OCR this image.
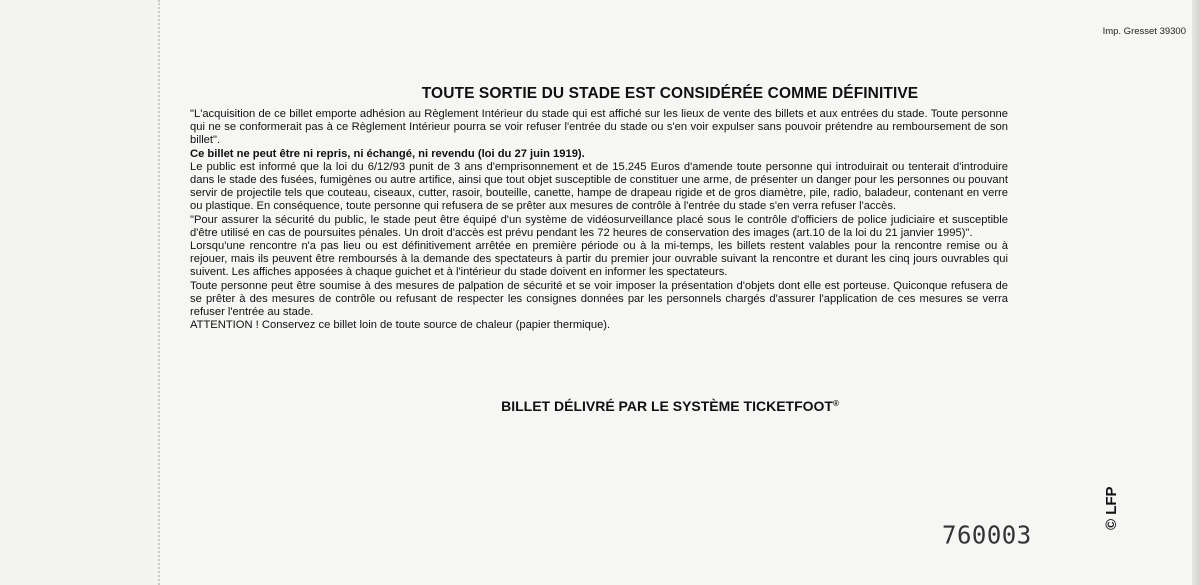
Imp. Gresset 39300
TOUTE SORTIE DU STADE EST CONSIDÉRÉE COMME DÉFINITIVE

"L'acquisition de ce billet emporte adhésion au Règlement Intérieur du stade qui est affiché sur les lieux de vente des billets et aux entrées du stade. Toute personne qui ne se conformerait pas à ce Règlement Intérieur pourra se voir refuser l'entrée du stade ou s'en voir expulser sans pouvoir prétendre au remboursement de son billet".

Ce billet ne peut être ni repris, ni échangé, ni revendu (loi du 27 juin 1919).

Le public est informé que la loi du 6/12/93 punit de 3 ans d'emprisonnement et de 15.245 Euros d'amende toute personne qui introduirait ou tenterait d'introduire dans le stade des fusées, fumigènes ou autre artifice, ainsi que tout objet susceptible de constituer une arme, de présenter un danger pour les personnes ou pouvant servir de projectile tels que couteau, ciseaux, cutter, rasoir, bouteille, canette, hampe de drapeau rigide et de gros diamètre, pile, radio, baladeur, contenant en verre ou plastique. En conséquence, toute personne qui refusera de se prêter aux mesures de contrôle à l'entrée du stade s'en verra refuser l'accès.

"Pour assurer la sécurité du public, le stade peut être équipé d'un système de vidéosurveillance placé sous le contrôle d'officiers de police judiciaire et susceptible d'être utilisé en cas de poursuites pénales. Un droit d'accès est prévu pendant les 72 heures de conservation des images (art.10 de la loi du 21 janvier 1995)".

Lorsqu'une rencontre n'a pas lieu ou est définitivement arrêtée en première période ou à la mi-temps, les billets restent valables pour la rencontre remise ou à rejouer, mais ils peuvent être remboursés à la demande des spectateurs à partir du premier jour ouvrable suivant la rencontre et durant les cinq jours ouvrables qui suivent. Les affiches apposées à chaque guichet et à l'intérieur du stade doivent en informer les spectateurs.

Toute personne peut être soumise à des mesures de palpation de sécurité et se voir imposer la présentation d'objets dont elle est porteuse. Quiconque refusera de se prêter à des mesures de contrôle ou refusant de respecter les consignes données par les personnels chargés d'assurer l'application de ces mesures se verra refuser l'entrée au stade.

ATTENTION ! Conservez ce billet loin de toute source de chaleur (papier thermique).

BILLET DÉLIVRÉ PAR LE SYSTÈME TICKETFOOT®
760003
© LFP
